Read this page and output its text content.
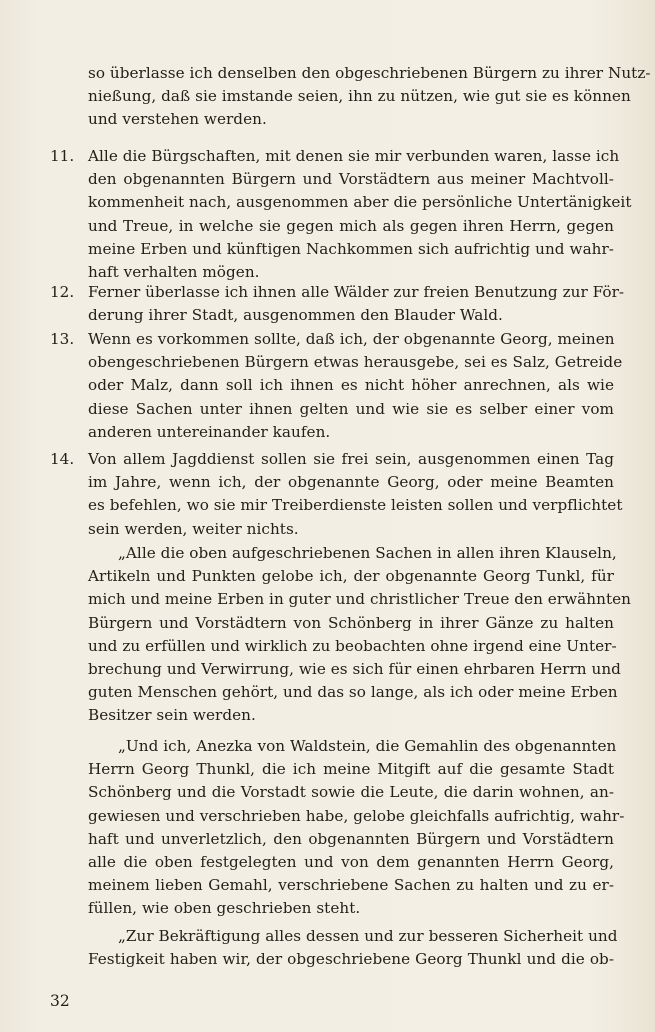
so überlasse ich denselben den obgeschriebenen Bürgern zu ihrer Nutz-
nießung, daß sie imstande seien, ihn zu nützen, wie gut sie es können
und verstehen werden.
11. Alle die Bürgschaften, mit denen sie mir verbunden waren, lasse ich
den obgenannten Bürgern und Vorstädtern aus meiner Machtvoll-
kommenheit nach, ausgenommen aber die persönliche Untertänigkeit
und Treue, in welche sie gegen mich als gegen ihren Herrn, gegen
meine Erben und künftigen Nachkommen sich aufrichtig und wahr-
haft verhalten mögen.
12. Ferner überlasse ich ihnen alle Wälder zur freien Benutzung zur För-
derung ihrer Stadt, ausgenommen den Blauder Wald.
13. Wenn es vorkommen sollte, daß ich, der obgenannte Georg, meinen
obengeschriebenen Bürgern etwas herausgebe, sei es Salz, Getreide
oder Malz, dann soll ich ihnen es nicht höher anrechnen, als wie
diese Sachen unter ihnen gelten und wie sie es selber einer vom
anderen untereinander kaufen.
14. Von allem Jagddienst sollen sie frei sein, ausgenommen einen Tag
im Jahre, wenn ich, der obgenannte Georg, oder meine Beamten
es befehlen, wo sie mir Treiberdienste leisten sollen und verpflichtet
sein werden, weiter nichts.
„Alle die oben aufgeschriebenen Sachen in allen ihren Klauseln,
Artikeln und Punkten gelobe ich, der obgenannte Georg Tunkl, für
mich und meine Erben in guter und christlicher Treue den erwähnten
Bürgern und Vorstädtern von Schönberg in ihrer Gänze zu halten
und zu erfüllen und wirklich zu beobachten ohne irgend eine Unter-
brechung und Verwirrung, wie es sich für einen ehrbaren Herrn und
guten Menschen gehört, und das so lange, als ich oder meine Erben
Besitzer sein werden.
„Und ich, Anezka von Waldstein, die Gemahlin des obgenannten
Herrn Georg Thunkl, die ich meine Mitgift auf die gesamte Stadt
Schönberg und die Vorstadt sowie die Leute, die darin wohnen, an-
gewiesen und verschrieben habe, gelobe gleichfalls aufrichtig, wahr-
haft und unverletzlich, den obgenannten Bürgern und Vorstädtern
alle die oben festgelegten und von dem genannten Herrn Georg,
meinem lieben Gemahl, verschriebene Sachen zu halten und zu er-
füllen, wie oben geschrieben steht.
„Zur Bekräftigung alles dessen und zur besseren Sicherheit und
Festigkeit haben wir, der obgeschriebene Georg Thunkl und die ob-
32
